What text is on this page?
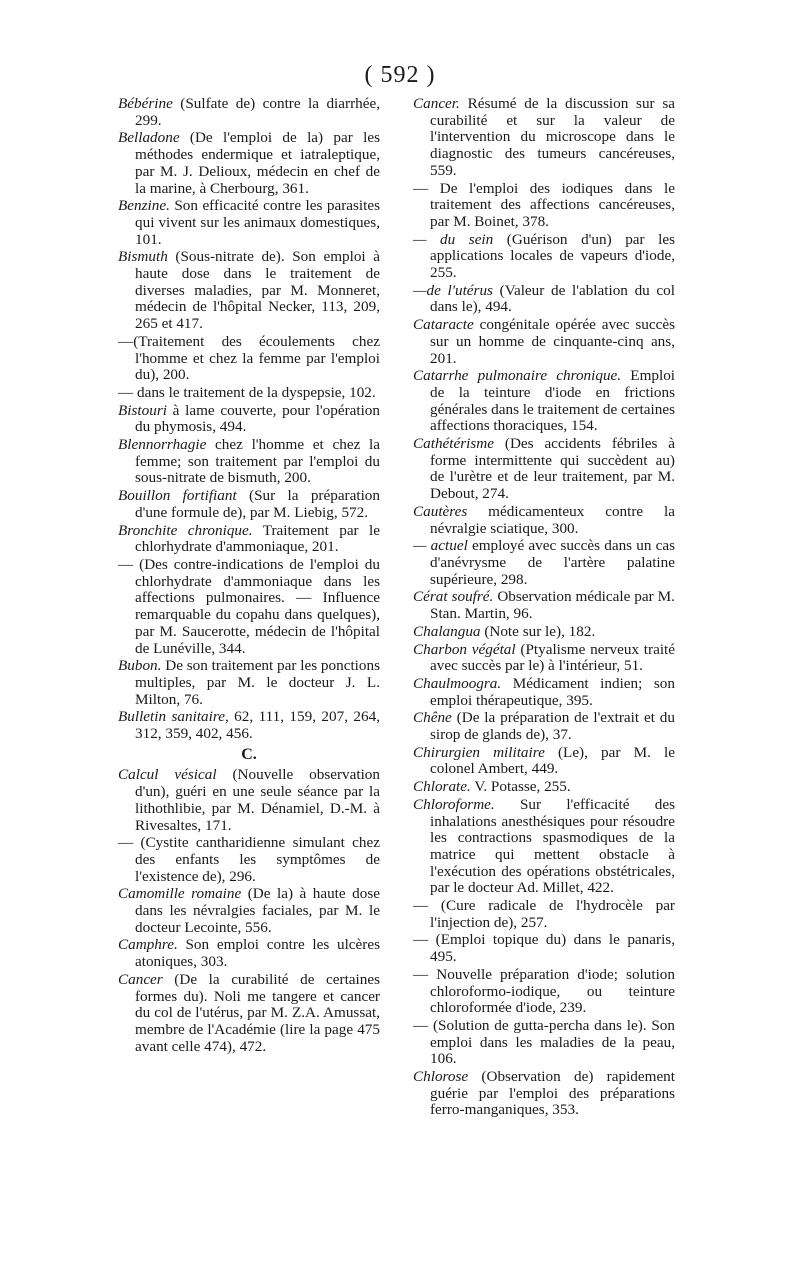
( 592 )
Bébérine (Sulfate de) contre la diarrhée, 299.
Belladone (De l'emploi de la) par les méthodes endermique et iatraleptique, par M. J. Delioux, médecin en chef de la marine, à Cherbourg, 361.
Benzine. Son efficacité contre les parasites qui vivent sur les animaux domestiques, 101.
Bismuth (Sous-nitrate de). Son emploi à haute dose dans le traitement de diverses maladies, par M. Monneret, médecin de l'hôpital Necker, 113, 209, 265 et 417.
—(Traitement des écoulements chez l'homme et chez la femme par l'emploi du), 200.
— dans le traitement de la dyspepsie, 102.
Bistouri à lame couverte, pour l'opération du phymosis, 494.
Blennorrhagie chez l'homme et chez la femme; son traitement par l'emploi du sous-nitrate de bismuth, 200.
Bouillon fortifiant (Sur la préparation d'une formule de), par M. Liebig, 572.
Bronchite chronique. Traitement par le chlorhydrate d'ammoniaque, 201.
— (Des contre-indications de l'emploi du chlorhydrate d'ammoniaque dans les affections pulmonaires. — Influence remarquable du copahu dans quelques), par M. Saucerotte, médecin de l'hôpital de Lunéville, 344.
Bubon. De son traitement par les ponctions multiples, par M. le docteur J. L. Milton, 76.
Bulletin sanitaire, 62, 111, 159, 207, 264, 312, 359, 402, 456.
C.
Calcul vésical (Nouvelle observation d'un), guéri en une seule séance par la lithothlibie, par M. Dénamiel, D.-M. à Rivesaltes, 171.
— (Cystite cantharidienne simulant chez des enfants les symptômes de l'existence de), 296.
Camomille romaine (De la) à haute dose dans les névralgies faciales, par M. le docteur Lecointe, 556.
Camphre. Son emploi contre les ulcères atoniques, 303.
Cancer (De la curabilité de certaines formes du). Noli me tangere et cancer du col de l'utérus, par M. Z.A. Amussat, membre de l'Académie (lire la page 475 avant celle 474), 472.
Cancer. Résumé de la discussion sur sa curabilité et sur la valeur de l'intervention du microscope dans le diagnostic des tumeurs cancéreuses, 559.
— De l'emploi des iodiques dans le traitement des affections cancéreuses, par M. Boinet, 378.
— du sein (Guérison d'un) par les applications locales de vapeurs d'iode, 255.
—de l'utérus (Valeur de l'ablation du col dans le), 494.
Cataracte congénitale opérée avec succès sur un homme de cinquante-cinq ans, 201.
Catarrhe pulmonaire chronique. Emploi de la teinture d'iode en frictions générales dans le traitement de certaines affections thoraciques, 154.
Cathétérisme (Des accidents fébriles à forme intermittente qui succèdent au) de l'urètre et de leur traitement, par M. Debout, 274.
Cautères médicamenteux contre la névralgie sciatique, 300.
— actuel employé avec succès dans un cas d'anévrysme de l'artère palatine supérieure, 298.
Cérat soufré. Observation médicale par M. Stan. Martin, 96.
Chalangua (Note sur le), 182.
Charbon végétal (Ptyalisme nerveux traité avec succès par le) à l'intérieur, 51.
Chaulmoogra. Médicament indien; son emploi thérapeutique, 395.
Chêne (De la préparation de l'extrait et du sirop de glands de), 37.
Chirurgien militaire (Le), par M. le colonel Ambert, 449.
Chlorate. V. Potasse, 255.
Chloroforme. Sur l'efficacité des inhalations anesthésiques pour résoudre les contractions spasmodiques de la matrice qui mettent obstacle à l'exécution des opérations obstétricales, par le docteur Ad. Millet, 422.
— (Cure radicale de l'hydrocèle par l'injection de), 257.
— (Emploi topique du) dans le panaris, 495.
— Nouvelle préparation d'iode; solution chloroformo-iodique, ou teinture chloroformée d'iode, 239.
— (Solution de gutta-percha dans le). Son emploi dans les maladies de la peau, 106.
Chlorose (Observation de) rapidement guérie par l'emploi des préparations ferro-manganiques, 353.
